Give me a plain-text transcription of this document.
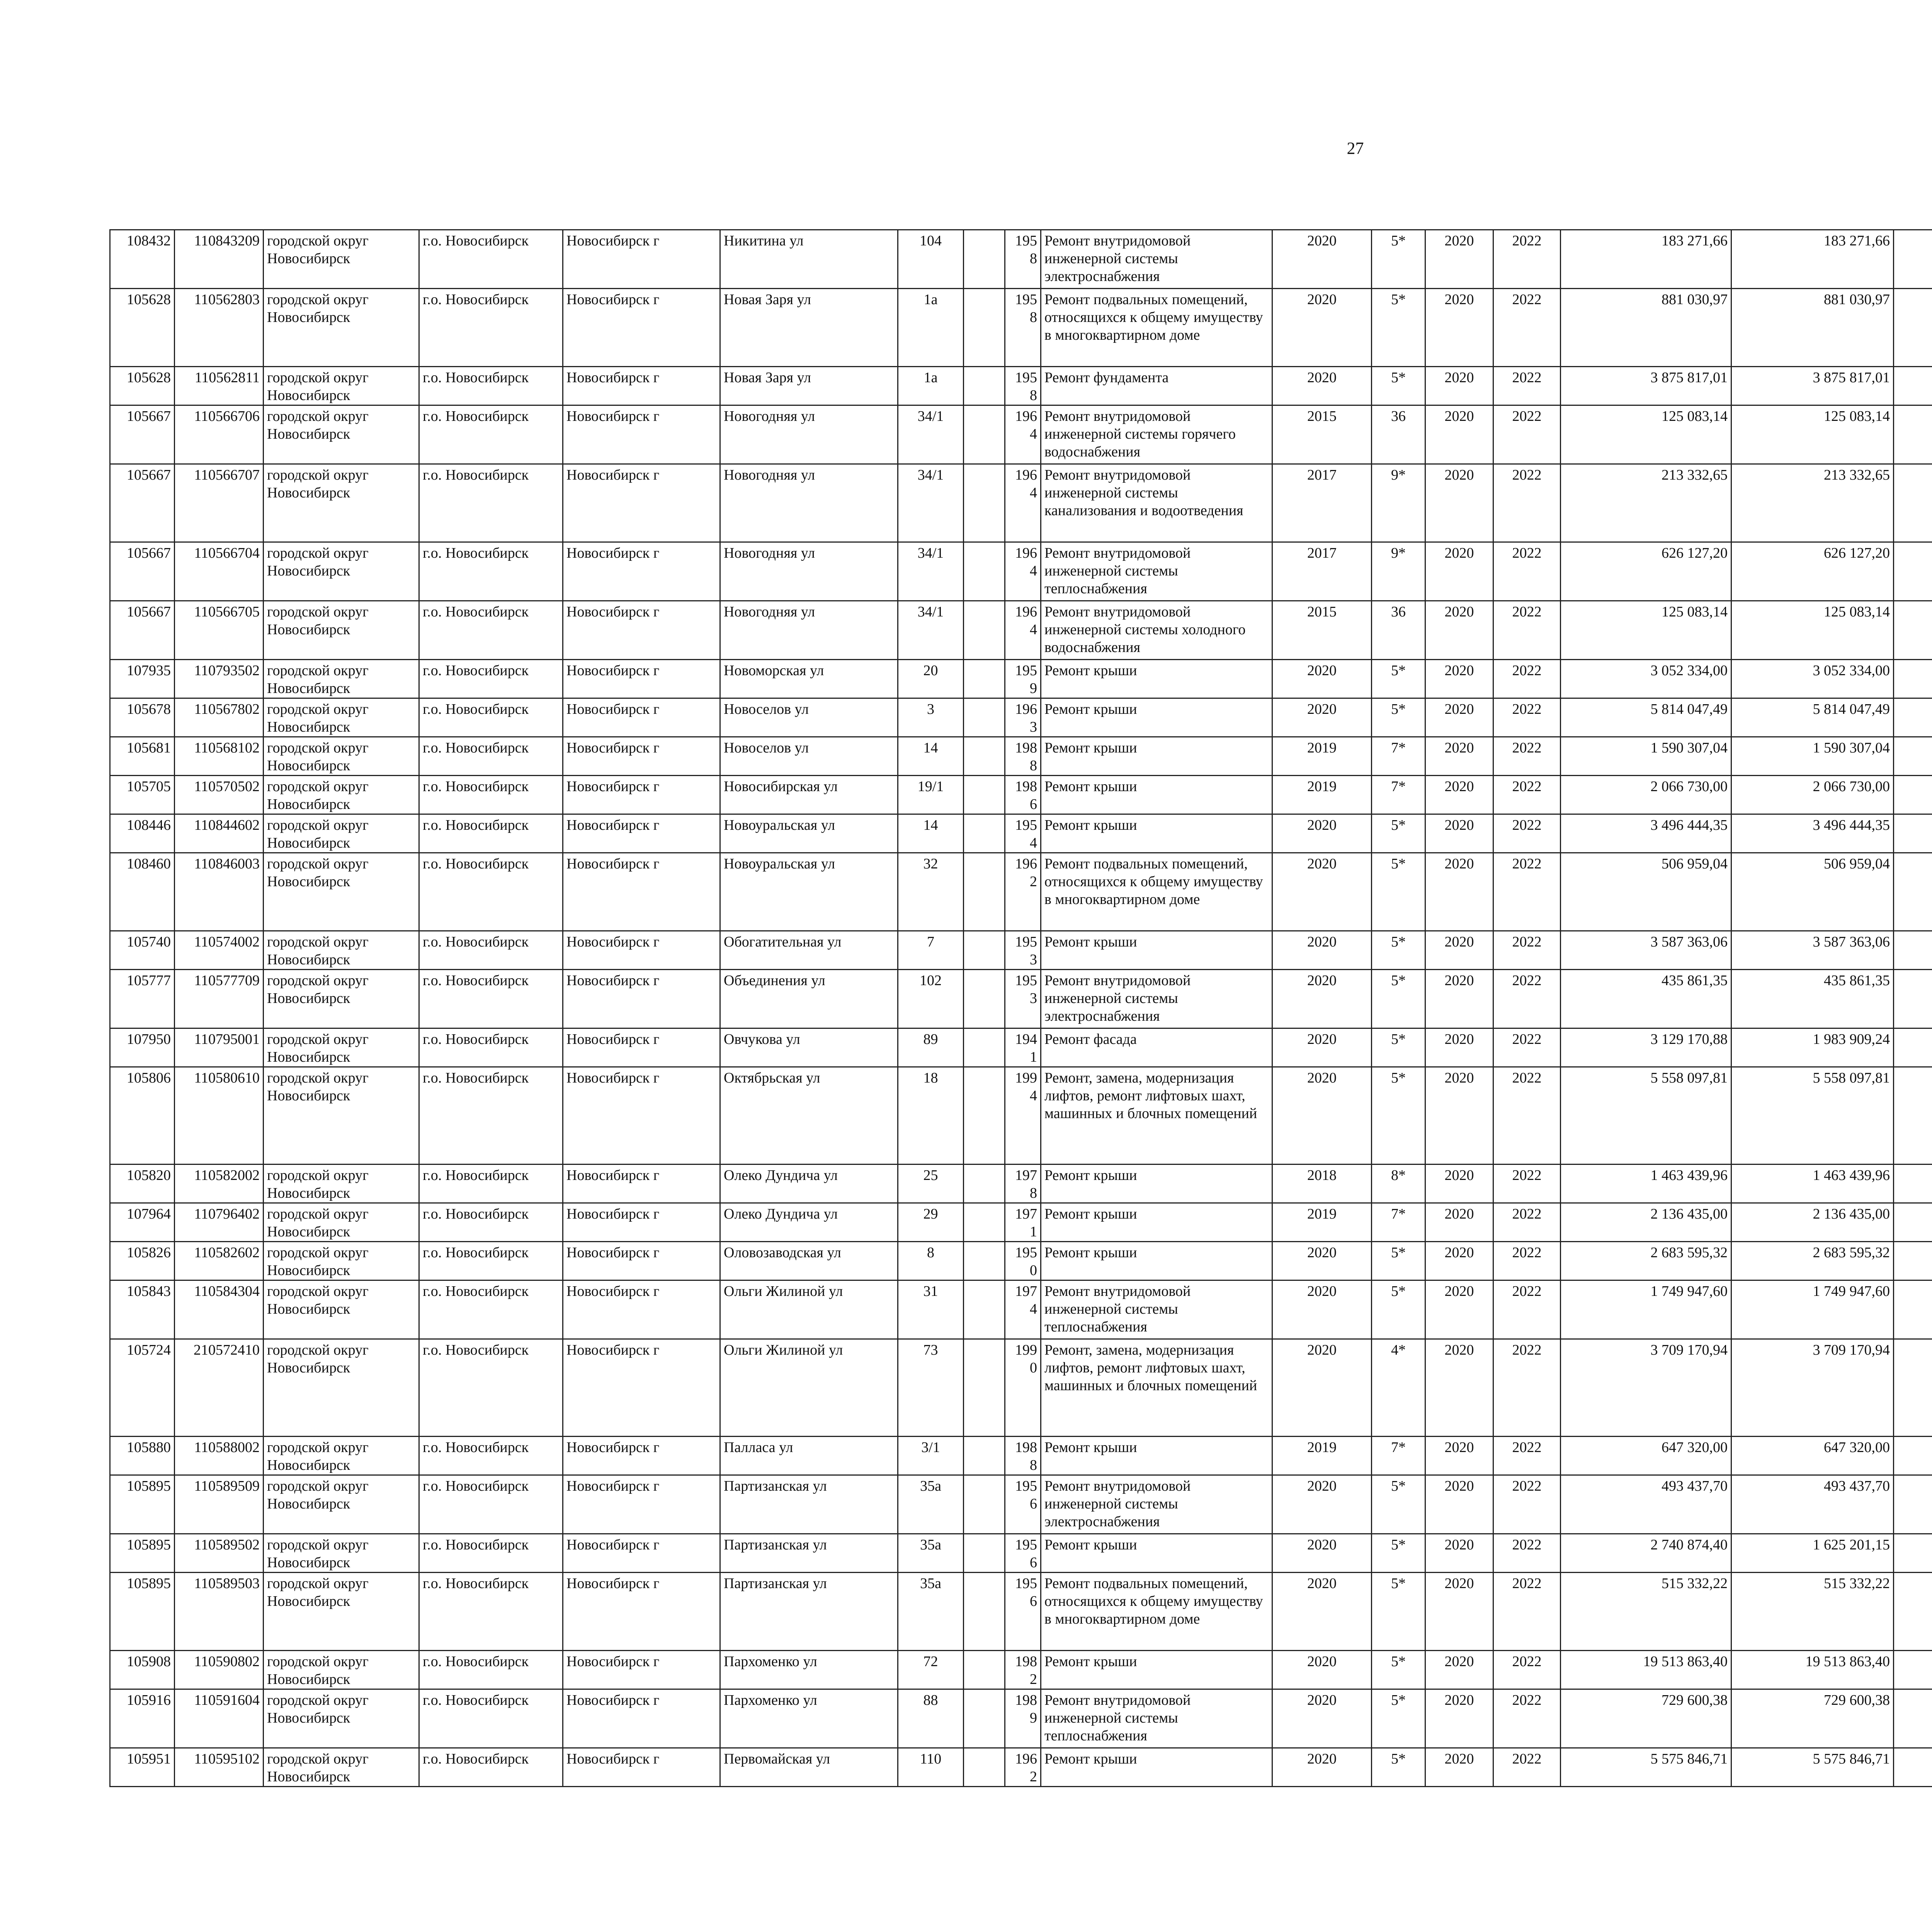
27
108432	110843209	городской округ Новосибирск	г.о. Новосибирск	Новосибирск г	Никитина ул	104		1958	Ремонт внутридомовой инженерной системы электроснабжения	2020	5*	2020	2022	183 271,66	183 271,66						
105628	110562803	городской округ Новосибирск	г.о. Новосибирск	Новосибирск г	Новая Заря ул	1а		1958	Ремонт подвальных помещений, относящихся к общему имуществу в многоквартирном доме	2020	5*	2020	2022	881 030,97	881 030,97						
105628	110562811	городской округ Новосибирск	г.о. Новосибирск	Новосибирск г	Новая Заря ул	1а		1958	Ремонт фундамента	2020	5*	2020	2022	3 875 817,01	3 875 817,01						
105667	110566706	городской округ Новосибирск	г.о. Новосибирск	Новосибирск г	Новогодняя ул	34/1		1964	Ремонт внутридомовой инженерной системы горячего водоснабжения	2015	36	2020	2022	125 083,14	125 083,14						
105667	110566707	городской округ Новосибирск	г.о. Новосибирск	Новосибирск г	Новогодняя ул	34/1		1964	Ремонт внутридомовой инженерной системы канализования и водоотведения	2017	9*	2020	2022	213 332,65	213 332,65						
105667	110566704	городской округ Новосибирск	г.о. Новосибирск	Новосибирск г	Новогодняя ул	34/1		1964	Ремонт внутридомовой инженерной системы теплоснабжения	2017	9*	2020	2022	626 127,20	626 127,20						
105667	110566705	городской округ Новосибирск	г.о. Новосибирск	Новосибирск г	Новогодняя ул	34/1		1964	Ремонт внутридомовой инженерной системы холодного водоснабжения	2015	36	2020	2022	125 083,14	125 083,14						
107935	110793502	городской округ Новосибирск	г.о. Новосибирск	Новосибирск г	Новоморская ул	20		1959	Ремонт крыши	2020	5*	2020	2022	3 052 334,00	3 052 334,00						
105678	110567802	городской округ Новосибирск	г.о. Новосибирск	Новосибирск г	Новоселов ул	3		1963	Ремонт крыши	2020	5*	2020	2022	5 814 047,49	5 814 047,49						
105681	110568102	городской округ Новосибирск	г.о. Новосибирск	Новосибирск г	Новоселов ул	14		1988	Ремонт крыши	2019	7*	2020	2022	1 590 307,04	1 590 307,04						
105705	110570502	городской округ Новосибирск	г.о. Новосибирск	Новосибирск г	Новосибирская ул	19/1		1986	Ремонт крыши	2019	7*	2020	2022	2 066 730,00	2 066 730,00						
108446	110844602	городской округ Новосибирск	г.о. Новосибирск	Новосибирск г	Новоуральская ул	14		1954	Ремонт крыши	2020	5*	2020	2022	3 496 444,35	3 496 444,35						
108460	110846003	городской округ Новосибирск	г.о. Новосибирск	Новосибирск г	Новоуральская ул	32		1962	Ремонт подвальных помещений, относящихся к общему имуществу в многоквартирном доме	2020	5*	2020	2022	506 959,04	506 959,04						
105740	110574002	городской округ Новосибирск	г.о. Новосибирск	Новосибирск г	Обогатительная ул	7		1953	Ремонт крыши	2020	5*	2020	2022	3 587 363,06	3 587 363,06						
105777	110577709	городской округ Новосибирск	г.о. Новосибирск	Новосибирск г	Объединения ул	102		1953	Ремонт внутридомовой инженерной системы электроснабжения	2020	5*	2020	2022	435 861,35	435 861,35						
107950	110795001	городской округ Новосибирск	г.о. Новосибирск	Новосибирск г	Овчукова ул	89		1941	Ремонт фасада	2020	5*	2020	2022	3 129 170,88	1 983 909,24						
105806	110580610	городской округ Новосибирск	г.о. Новосибирск	Новосибирск г	Октябрьская ул	18		1994	Ремонт, замена, модернизация лифтов, ремонт лифтовых шахт, машинных и блочных помещений	2020	5*	2020	2022	5 558 097,81	5 558 097,81						
105820	110582002	городской округ Новосибирск	г.о. Новосибирск	Новосибирск г	Олеко Дундича ул	25		1978	Ремонт крыши	2018	8*	2020	2022	1 463 439,96	1 463 439,96						
107964	110796402	городской округ Новосибирск	г.о. Новосибирск	Новосибирск г	Олеко Дундича ул	29		1971	Ремонт крыши	2019	7*	2020	2022	2 136 435,00	2 136 435,00						
105826	110582602	городской округ Новосибирск	г.о. Новосибирск	Новосибирск г	Оловозаводская ул	8		1950	Ремонт крыши	2020	5*	2020	2022	2 683 595,32	2 683 595,32						
105843	110584304	городской округ Новосибирск	г.о. Новосибирск	Новосибирск г	Ольги Жилиной ул	31		1974	Ремонт внутридомовой инженерной системы теплоснабжения	2020	5*	2020	2022	1 749 947,60	1 749 947,60						
105724	210572410	городской округ Новосибирск	г.о. Новосибирск	Новосибирск г	Ольги Жилиной ул	73		1990	Ремонт, замена, модернизация лифтов, ремонт лифтовых шахт, машинных и блочных помещений	2020	4*	2020	2022	3 709 170,94	3 709 170,94						
105880	110588002	городской округ Новосибирск	г.о. Новосибирск	Новосибирск г	Палласа ул	3/1		1988	Ремонт крыши	2019	7*	2020	2022	647 320,00	647 320,00						
105895	110589509	городской округ Новосибирск	г.о. Новосибирск	Новосибирск г	Партизанская ул	35а		1956	Ремонт внутридомовой инженерной системы электроснабжения	2020	5*	2020	2022	493 437,70	493 437,70						
105895	110589502	городской округ Новосибирск	г.о. Новосибирск	Новосибирск г	Партизанская ул	35а		1956	Ремонт крыши	2020	5*	2020	2022	2 740 874,40	1 625 201,15						
105895	110589503	городской округ Новосибирск	г.о. Новосибирск	Новосибирск г	Партизанская ул	35а		1956	Ремонт подвальных помещений, относящихся к общему имуществу в многоквартирном доме	2020	5*	2020	2022	515 332,22	515 332,22						
105908	110590802	городской округ Новосибирск	г.о. Новосибирск	Новосибирск г	Пархоменко ул	72		1982	Ремонт крыши	2020	5*	2020	2022	19 513 863,40	19 513 863,40						
105916	110591604	городской округ Новосибирск	г.о. Новосибирск	Новосибирск г	Пархоменко ул	88		1989	Ремонт внутридомовой инженерной системы теплоснабжения	2020	5*	2020	2022	729 600,38	729 600,38						
105951	110595102	городской округ Новосибирск	г.о. Новосибирск	Новосибирск г	Первомайская ул	110		1962	Ремонт крыши	2020	5*	2020	2022	5 575 846,71	5 575 846,71						
